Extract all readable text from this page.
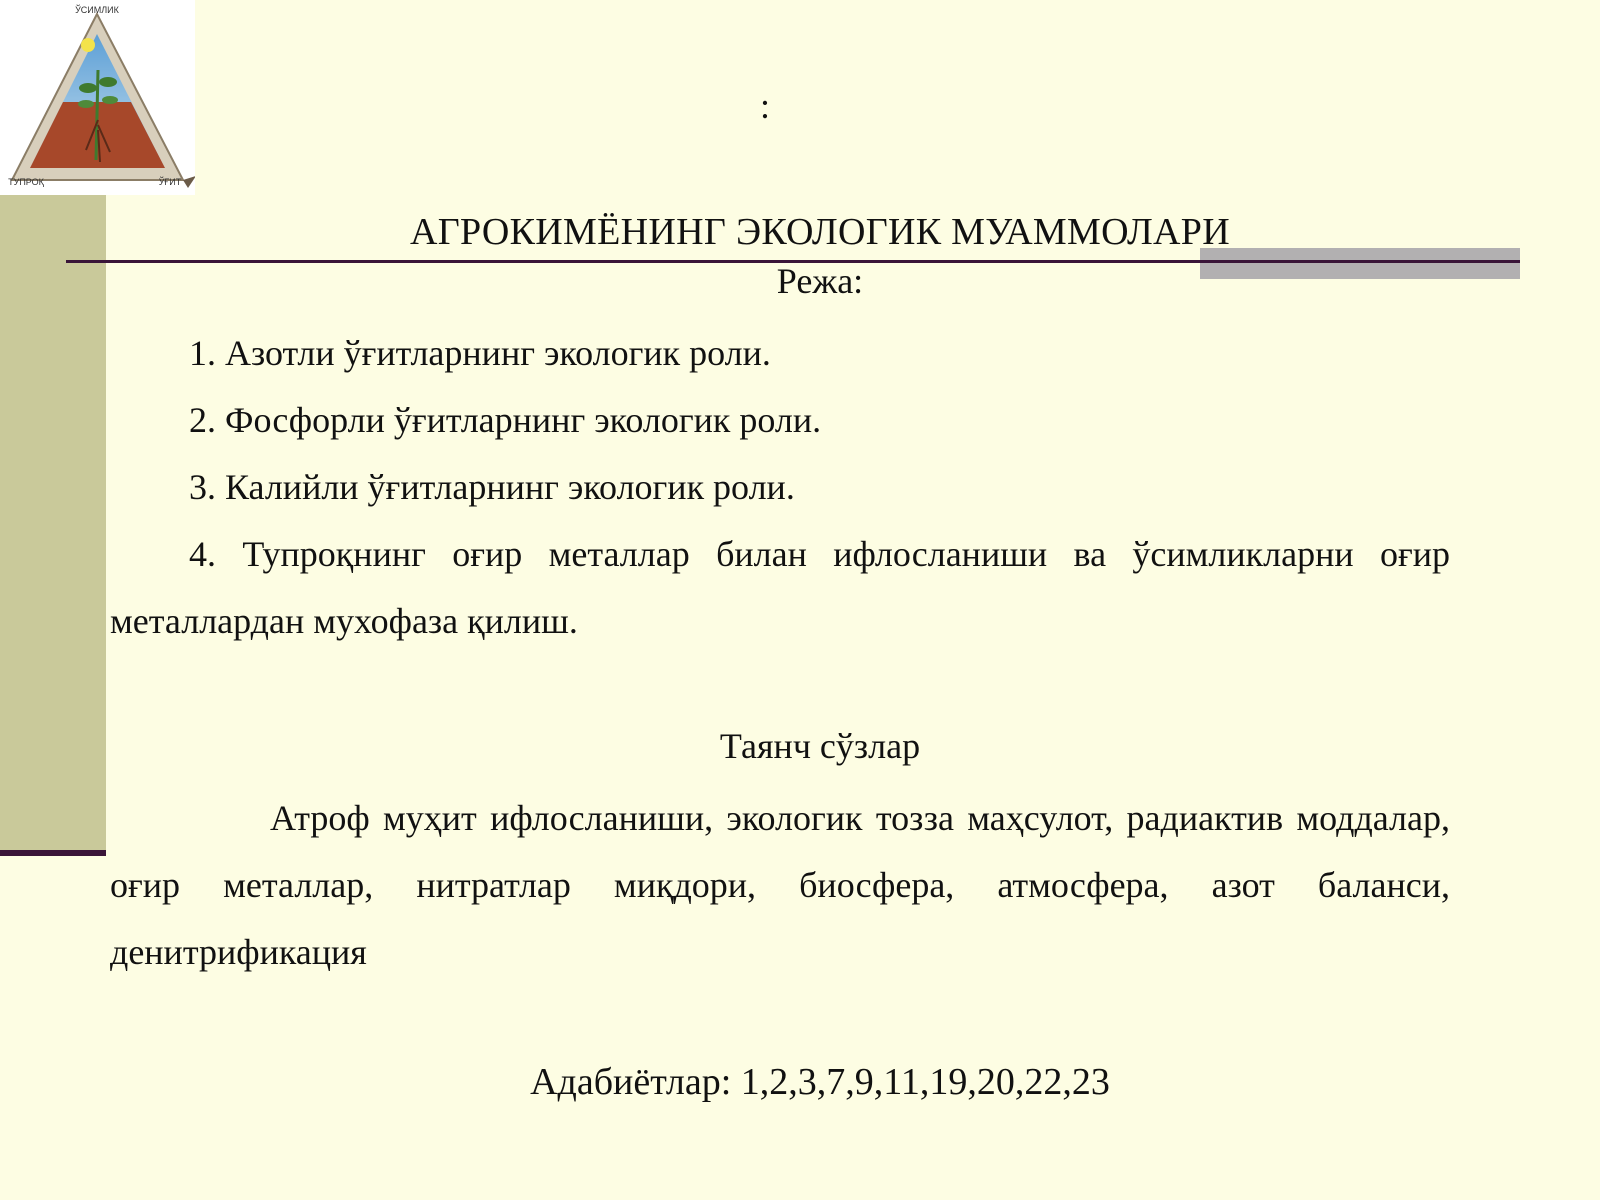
ЎСИМЛИК
ТУПРОҚ	ЎҒИТ
:
АГРОКИМЁНИНГ ЭКОЛОГИК МУАММОЛАРИ
Режа:
1. Азотли ўғитларнинг экологик роли.
2. Фосфорли ўғитларнинг экологик роли.
3. Калийли ўғитларнинг экологик роли.
4. Тупроқнинг оғир металлар билан ифлосланиши ва ўсимликларни оғир металлардан мухофаза қилиш.
Таянч сўзлар

Атроф муҳит ифлосланиши, экологик тозза маҳсулот, радиактив моддалар, оғир металлар, нитратлар миқдори, биосфера, атмосфера, азот баланси, денитрификация

Адабиётлар: 1,2,3,7,9,11,19,20,22,23
